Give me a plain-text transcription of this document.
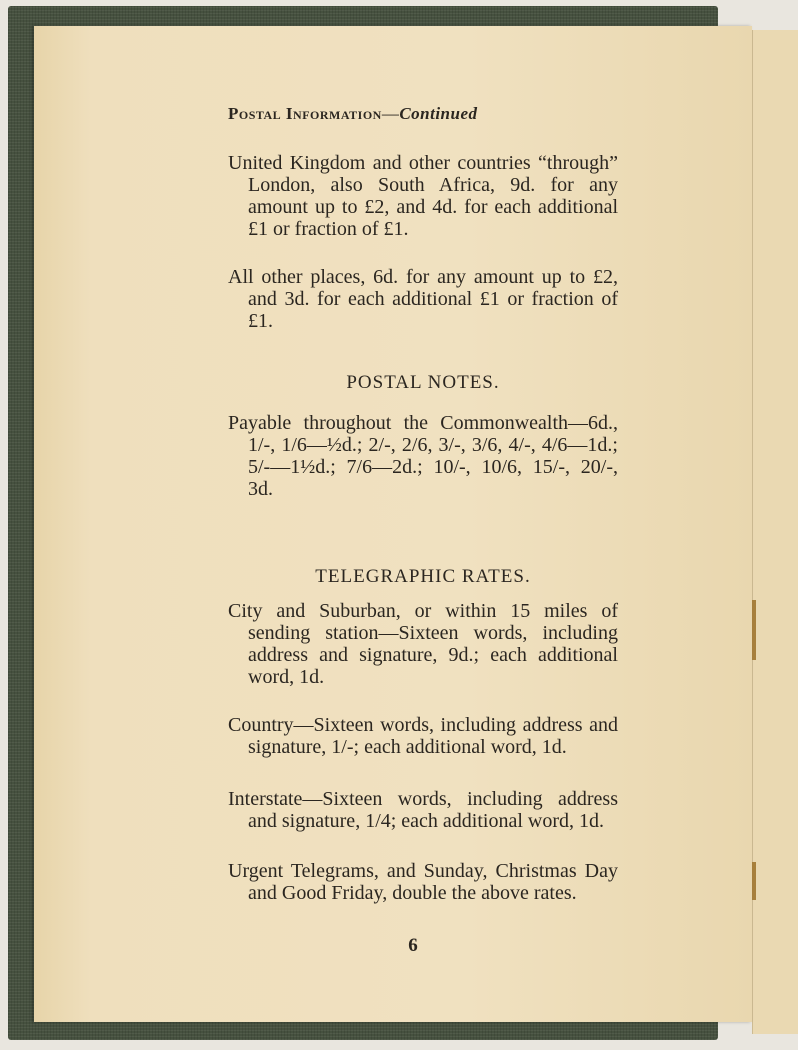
Postal Information—Continued
United Kingdom and other countries “through” London, also South Africa, 9d. for any amount up to £2, and 4d. for each additional £1 or fraction of £1.
All other places, 6d. for any amount up to £2, and 3d. for each additional £1 or fraction of £1.
POSTAL NOTES.
Payable throughout the Commonwealth—6d., 1/-, 1/6—½d.; 2/-, 2/6, 3/-, 3/6, 4/-, 4/6—1d.; 5/-—1½d.; 7/6—2d.; 10/-, 10/6, 15/-, 20/-, 3d.
TELEGRAPHIC RATES.
City and Suburban, or within 15 miles of sending station—Sixteen words, including address and signature, 9d.; each additional word, 1d.
Country—Sixteen words, including address and signature, 1/-; each additional word, 1d.
Interstate—Sixteen words, including address and signature, 1/4; each additional word, 1d.
Urgent Telegrams, and Sunday, Christmas Day and Good Friday, double the above rates.
6
